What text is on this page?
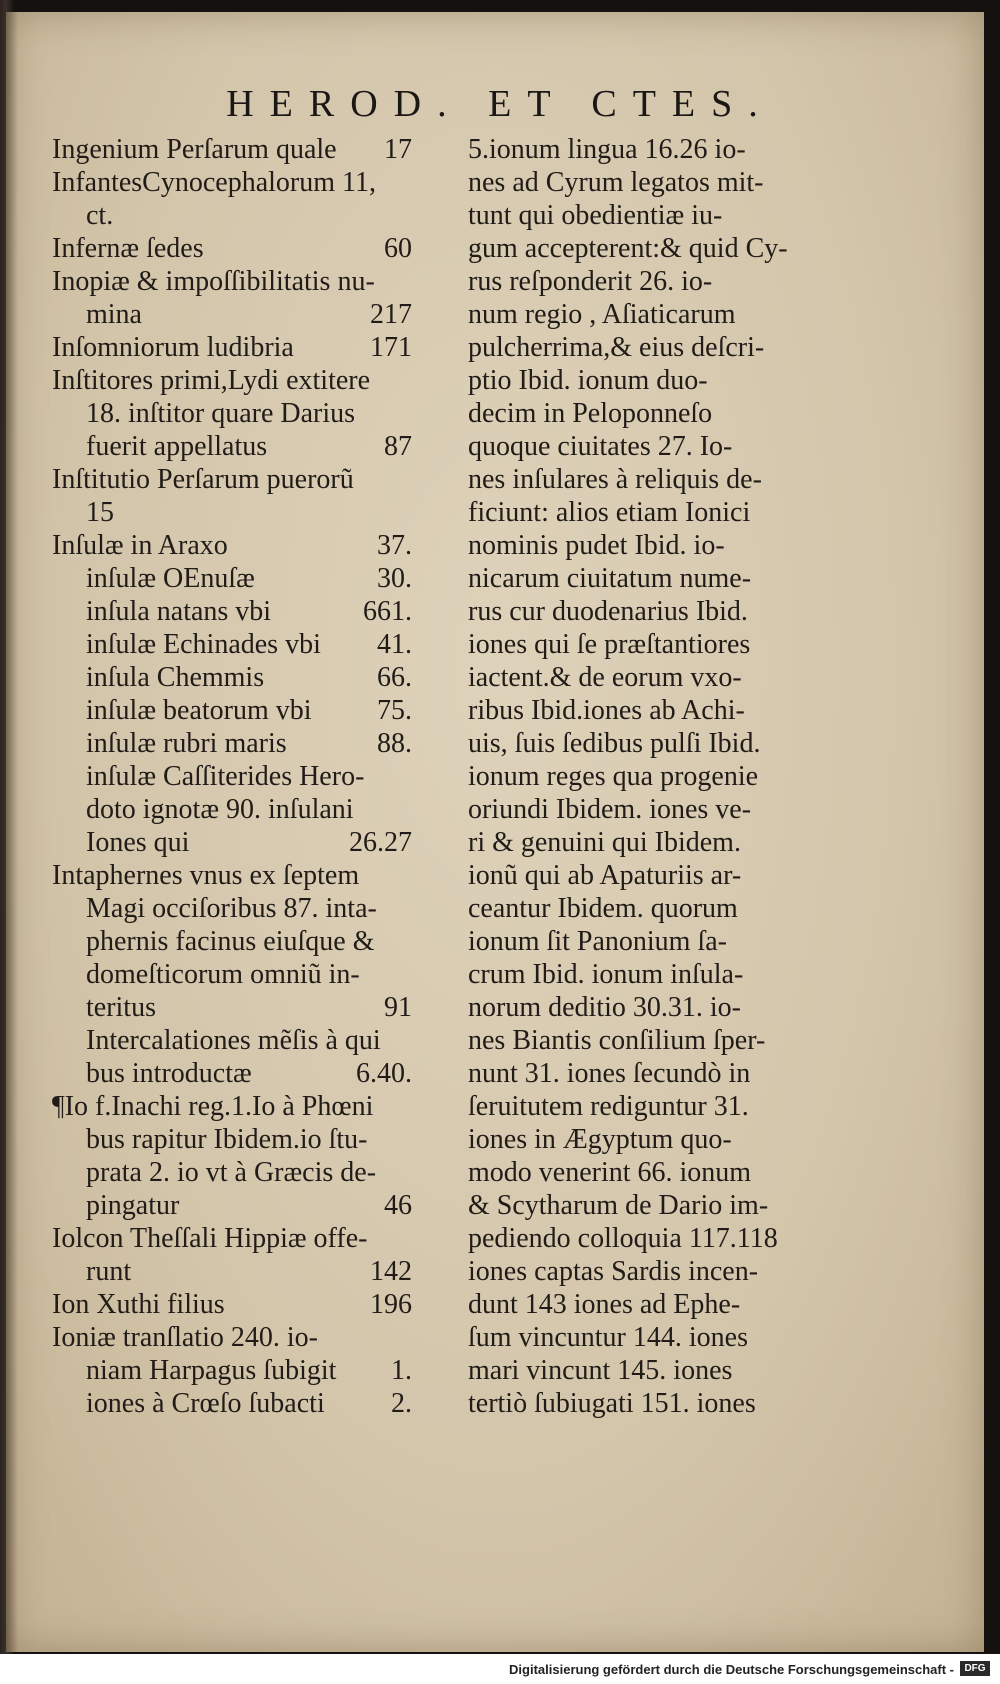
HEROD. ET CTES.
Ingenium Perſarum quale 17
InfantesCynocephalorum 11,
ct.
Infernæ ſedes	60
Inopiæ & impoſſibilitatis nu-
mina	217
Inſomniorum ludibria	171
Inſtitores primi,Lydi extitere
18. inſtitor quare Darius
fuerit appellatus	87
Inſtitutio Perſarum puerorũ
15
Inſulæ in Araxo	37.
inſulæ OEnuſæ	30.
inſula natans vbi	661.
inſulæ Echinades vbi 41.
inſula Chemmis	66.
inſulæ beatorum vbi 75.
inſulæ rubri maris	88.
inſulæ Caſſiterides Hero-
doto ignotæ 90. inſulani
Iones qui	26.27
Intaphernes vnus ex ſeptem
Magi occiſoribus 87. inta-
phernis facinus eiuſque &
domeſticorum omniũ in-
teritus	91
Intercalationes mẽſis à qui
bus introductæ	6.40.
¶Io f.Inachi reg.1.Io à Phœni
bus rapitur Ibidem.io ſtu-
prata 2. io vt à Græcis de-
pingatur	46
Iolcon Theſſali Hippiæ offe-
runt	142
Ion Xuthi filius	196
Ioniæ tranſlatio 240. io-
niam Harpagus ſubigit 1.
iones à Crœſo ſubacti 2.
5.ionum lingua 16.26 io-
nes ad Cyrum legatos mit-
tunt qui obedientiæ iu-
gum accepterent:& quid Cy-
rus reſponderit 26. io-
num regio , Aſiaticarum
pulcherrima,& eius deſcri-
ptio Ibid. ionum duo-
decim in Peloponneſo
quoque ciuitates 27. Io-
nes inſulares à reliquis de-
ficiunt: alios etiam Ionici
nominis pudet Ibid. io-
nicarum ciuitatum nume-
rus cur duodenarius Ibid.
iones qui ſe præſtantiores
iactent.& de eorum vxo-
ribus Ibid.iones ab Achi-
uis, ſuis ſedibus pulſi Ibid.
ionum reges qua progenie
oriundi Ibidem. iones ve-
ri & genuini qui Ibidem.
ionũ qui ab Apaturiis ar-
ceantur Ibidem. quorum
ionum ſit Panonium ſa-
crum Ibid. ionum inſula-
norum deditio 30.31. io-
nes Biantis conſilium ſper-
nunt 31. iones ſecundò in
ſeruitutem rediguntur 31.
iones in Ægyptum quo-
modo venerint 66. ionum
& Scytharum de Dario im-
pediendo colloquia 117.118
iones captas Sardis incen-
dunt 143 iones ad Ephe-
ſum vincuntur 144. iones
mari vincunt 145. iones
tertiò ſubiugati 151. iones
Digitalisierung gefördert durch die Deutsche Forschungsgemeinschaft -	DFG
